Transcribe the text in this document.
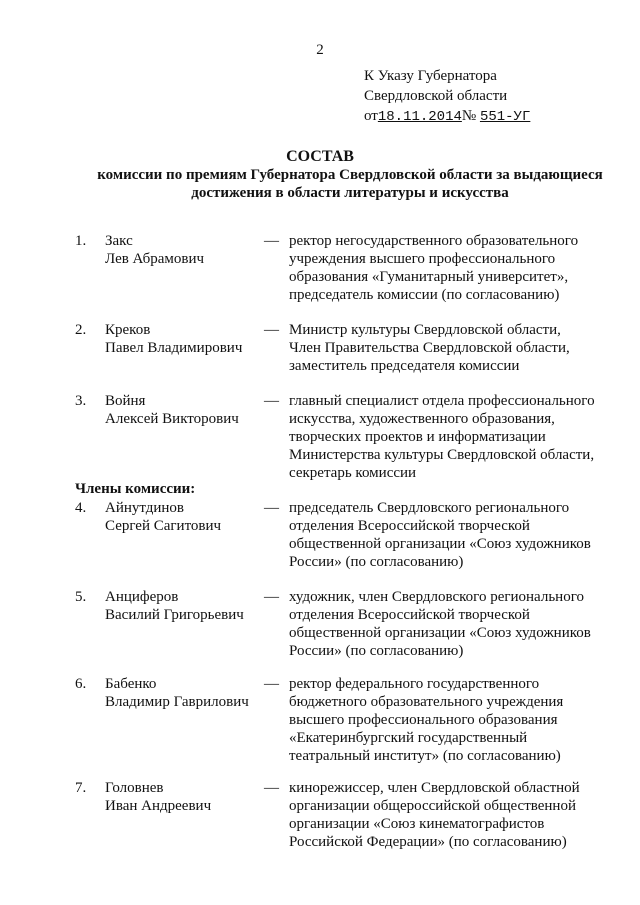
2
К Указу Губернатора
Свердловской области
от18.11.2014№ 551-УГ
СОСТАВ
комиссии по премиям Губернатора Свердловской области за выдающиеся
достижения в области литературы и искусства
1. Закс
Лев Абрамович
— ректор негосударственного образовательного
учреждения высшего профессионального
образования «Гуманитарный университет»,
председатель комиссии (по согласованию)
2. Креков
Павел Владимирович
— Министр культуры Свердловской области,
Член Правительства Свердловской области,
заместитель председателя комиссии
3. Войня
Алексей Викторович
— главный специалист отдела профессионального
искусства, художественного образования,
творческих проектов и информатизации
Министерства культуры Свердловской области,
секретарь комиссии
Члены комиссии:
4. Айнутдинов
Сергей Сагитович
— председатель Свердловского регионального
отделения Всероссийской творческой
общественной организации «Союз художников
России» (по согласованию)
5. Анциферов
Василий Григорьевич
— художник, член Свердловского регионального
отделения Всероссийской творческой
общественной организации «Союз художников
России» (по согласованию)
6. Бабенко
Владимир Гаврилович
— ректор федерального государственного
бюджетного образовательного учреждения
высшего профессионального образования
«Екатеринбургский государственный
театральный институт» (по согласованию)
7. Головнев
Иван Андреевич
— кинорежиссер, член Свердловской областной
организации общероссийской общественной
организации «Союз кинематографистов
Российской Федерации» (по согласованию)
